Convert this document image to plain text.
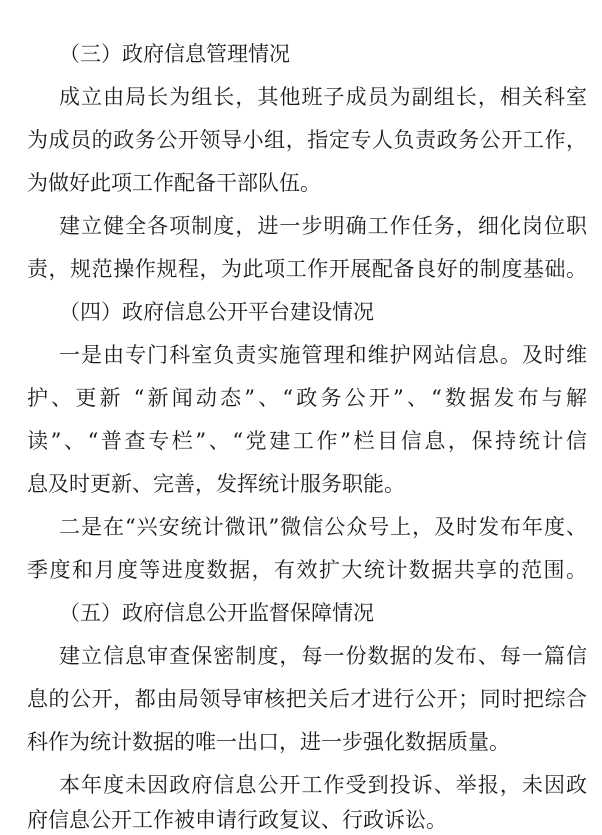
（三）政府信息管理情况
成立由局长为组长，其他班子成员为副组长，相关科室
为成员的政务公开领导小组，指定专人负责政务公开工作，
为做好此项工作配备干部队伍。
建立健全各项制度，进一步明确工作任务，细化岗位职
责，规范操作规程，为此项工作开展配备良好的制度基础。
（四）政府信息公开平台建设情况
一是由专门科室负责实施管理和维护网站信息。及时维
护、更新 “新闻动态”、“政务公开”、“数据发布与解
读”、“普查专栏”、“党建工作”栏目信息，保持统计信
息及时更新、完善，发挥统计服务职能。
二是在“兴安统计微讯”微信公众号上，及时发布年度、
季度和月度等进度数据，有效扩大统计数据共享的范围。
（五）政府信息公开监督保障情况
建立信息审查保密制度，每一份数据的发布、每一篇信
息的公开，都由局领导审核把关后才进行公开；同时把综合
科作为统计数据的唯一出口，进一步强化数据质量。
本年度未因政府信息公开工作受到投诉、举报，未因政
府信息公开工作被申请行政复议、行政诉讼。
